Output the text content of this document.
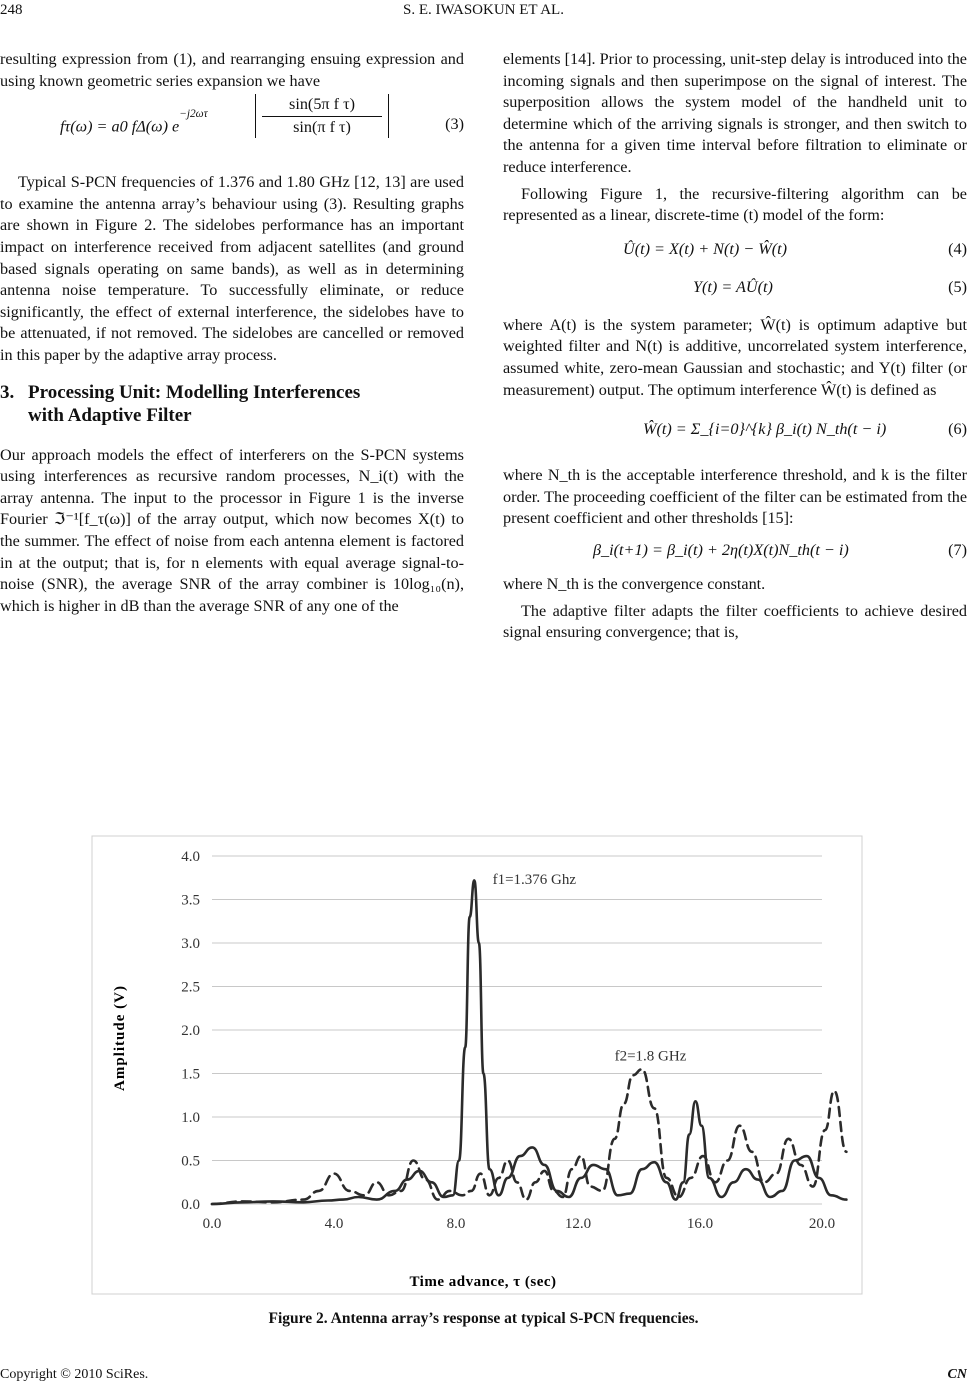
248	S. E. IWASOKUN ET AL.

resulting expression from (1), and rearranging ensuing expression and using known geometric series expansion we have

fτ(ω) = a0 fΔ(ω) $e^{-j2\omega\tau}$	$\frac{\text{sin(5π f τ)}}{\text{sin(π f τ)}}$	(3)

Typical S-PCN frequencies of 1.376 and 1.80 GHz [12, 13] are used to examine the antenna array’s behaviour using (3). Resulting graphs are shown in Figure 2. The sidelobes performance has an important impact on interference received from adjacent satellites (and ground based signals operating on same bands), as well as in determining antenna noise temperature. To successfully eliminate, or reduce significantly, the effect of external interference, the sidelobes have to be attenuated, if not removed. The sidelobes are cancelled or removed in this paper by the adaptive array process.

3. Processing Unit: Modelling Interferences
with Adaptive Filter

Our approach models the effect of interferers on the S-PCN systems using interferences as recursive random processes, N_i(t) with the array antenna. The input to the processor in Figure 1 is the inverse Fourier ℑ⁻¹[f_τ(ω)] of the array output, which now becomes X(t) to the summer. The effect of noise from each antenna element is factored in at the output; that is, for n elements with equal average signal-to-noise (SNR), the average SNR of the array combiner is 10log₁₀(n), which is higher in dB than the average SNR of any one of the

elements [14]. Prior to processing, unit-step delay is introduced into the incoming signals and then superimpose on the signal of interest. The superposition allows the system model of the handheld unit to determine which of the arriving signals is stronger, and then switch to the antenna for a given time interval before filtration to eliminate or reduce interference.

Following Figure 1, the recursive-filtering algorithm can be represented as a linear, discrete-time (t) model of the form:

Û(t) = X(t) + N(t) − Ŵ(t)	(4)
Y(t) = AÛ(t)	(5)

where A(t) is the system parameter; Ŵ(t) is optimum adaptive but weighted filter and N(t) is additive, uncorrelated system interference, assumed white, zero-mean Gaussian and stochastic; and Y(t) filter (or measurement) output. The optimum interference Ŵ(t) is defined as

Ŵ(t) = Σ_{i=0}^{k} β_i(t) N_th(t − i)	(6)

where N_th is the acceptable interference threshold, and k is the filter order. The proceeding coefficient of the filter can be estimated from the present coefficient and other thresholds [15]:

β_i(t+1) = β_i(t) + 2η(t)X(t)N_th(t − i)	(7)

where N_th is the convergence constant.

The adaptive filter adapts the filter coefficients to achieve desired signal ensuring convergence; that is,

0.0
0.5
1.0
1.5
2.0
2.5
3.0
3.5
4.0
0.0	4.0	8.0	12.0	16.0	20.0
f1=1.376 Ghz
f2=1.8 GHz
Amplitude (V)
Time advance, τ (sec)
Figure 2. Antenna array’s response at typical S-PCN frequencies.
Copyright © 2010 SciRes.	CN
